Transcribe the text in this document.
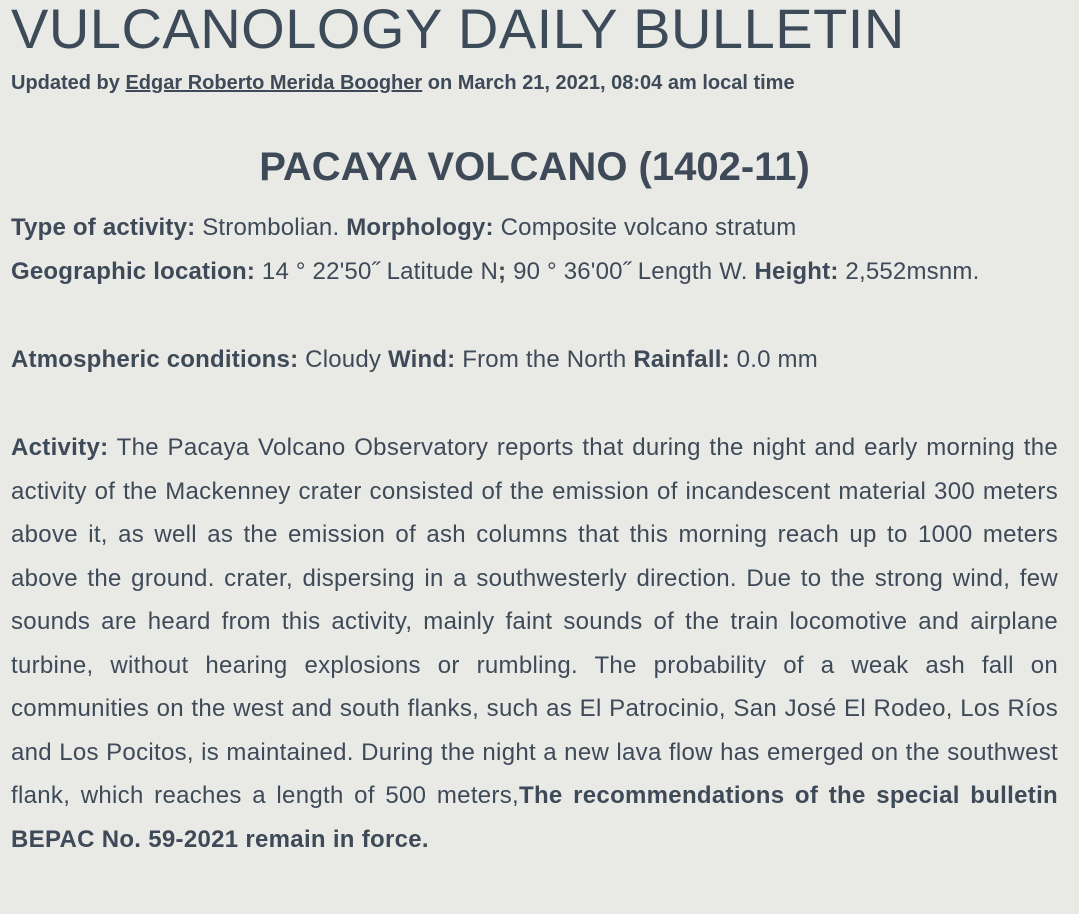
VULCANOLOGY DAILY BULLETIN

Updated by Edgar Roberto Merida Boogher on March 21, 2021, 08:04 am local time

PACAYA VOLCANO (1402-11)
Type of activity: Strombolian. Morphology: Composite volcano stratum
Geographic location: 14 ° 22'50˝ Latitude N; 90 ° 36'00˝ Length W. Height: 2,552msnm.
Atmospheric conditions: Cloudy Wind: From the North Rainfall: 0.0 mm

Activity: The Pacaya Volcano Observatory reports that during the night and early morning the activity of the Mackenney crater consisted of the emission of incandescent material 300 meters above it, as well as the emission of ash columns that this morning reach up to 1000 meters above the ground. crater, dispersing in a southwesterly direction. Due to the strong wind, few sounds are heard from this activity, mainly faint sounds of the train locomotive and airplane turbine, without hearing explosions or rumbling. The probability of a weak ash fall on communities on the west and south flanks, such as El Patrocinio, San José El Rodeo, Los Ríos and Los Pocitos, is maintained. During the night a new lava flow has emerged on the southwest flank, which reaches a length of 500 meters,The recommendations of the special bulletin BEPAC No. 59-2021 remain in force.
